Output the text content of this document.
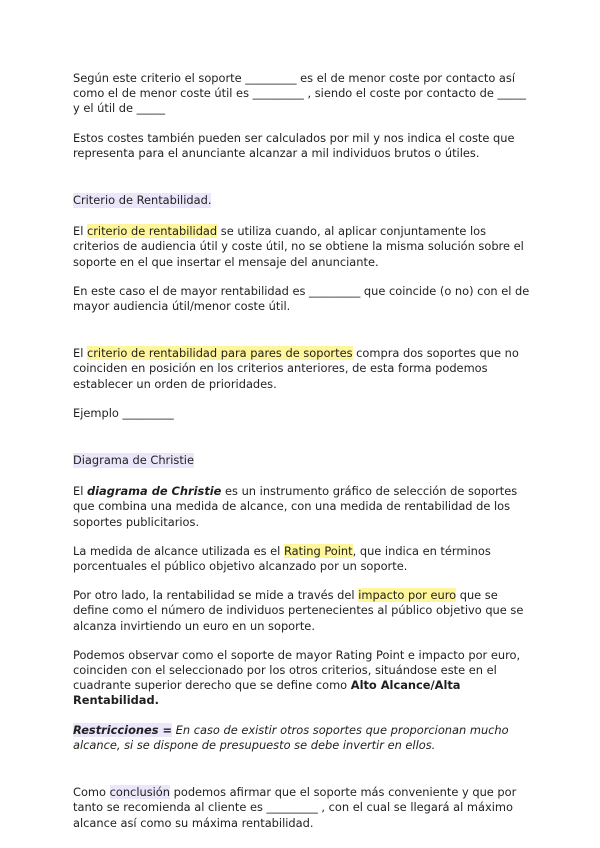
Según este criterio el soporte _________ es el de menor coste por contacto así como el de menor coste útil es _________ , siendo el coste por contacto de _____ y el útil de _____

Estos costes también pueden ser calculados por mil y nos indica el coste que representa para el anunciante alcanzar a mil individuos brutos o útiles.

Criterio de Rentabilidad.

El criterio de rentabilidad se utiliza cuando, al aplicar conjuntamente los criterios de audiencia útil y coste útil, no se obtiene la misma solución sobre el soporte en el que insertar el mensaje del anunciante.

En este caso el de mayor rentabilidad es _________ que coincide (o no) con el de mayor audiencia útil/menor coste útil.

El criterio de rentabilidad para pares de soportes compra dos soportes que no coinciden en posición en los criterios anteriores, de esta forma podemos establecer un orden de prioridades.

Ejemplo _________

Diagrama de Christie

El diagrama de Christie es un instrumento gráfico de selección de soportes que combina una medida de alcance, con una medida de rentabilidad de los soportes publicitarios.

La medida de alcance utilizada es el Rating Point, que indica en términos porcentuales el público objetivo alcanzado por un soporte.

Por otro lado, la rentabilidad se mide a través del impacto por euro que se define como el número de individuos pertenecientes al público objetivo que se alcanza invirtiendo un euro en un soporte.

Podemos observar como el soporte de mayor Rating Point e impacto por euro, coinciden con el seleccionado por los otros criterios, situándose este en el cuadrante superior derecho que se define como Alto Alcance/Alta Rentabilidad.

Restricciones = En caso de existir otros soportes que proporcionan mucho alcance, si se dispone de presupuesto se debe invertir en ellos.

Como conclusión podemos afirmar que el soporte más conveniente y que por tanto se recomienda al cliente es _________ , con el cual se llegará al máximo alcance así como su máxima rentabilidad.
